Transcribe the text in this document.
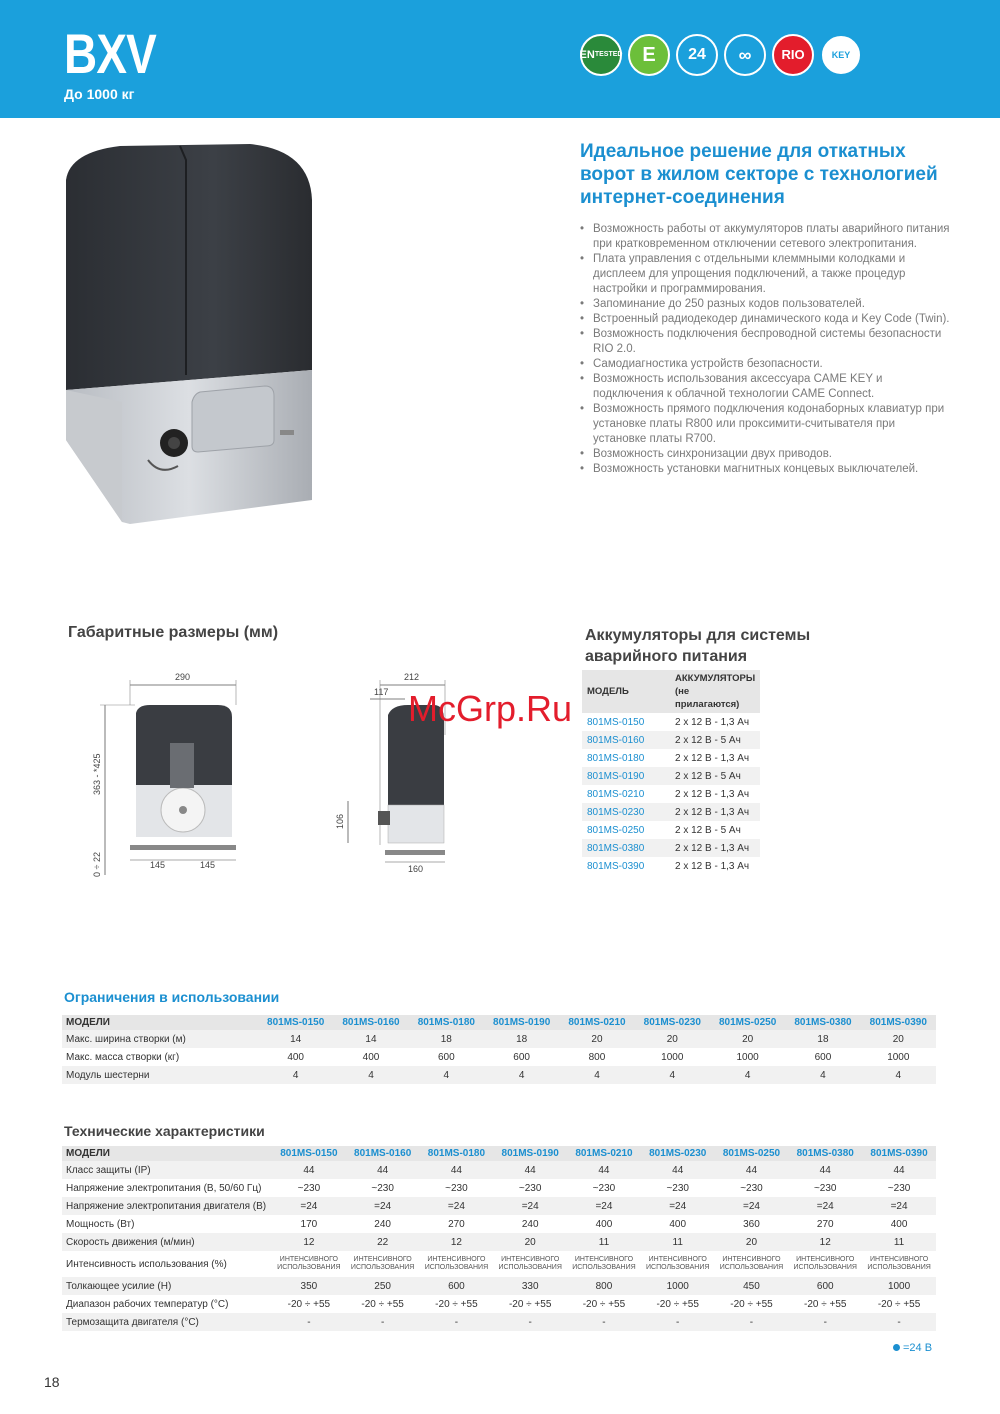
BXV
До 1000 кг
EN TESTED E 24 ∞ RIO	KEY
Идеальное решение для откатных ворот в жилом секторе с технологией интернет-соединения
• Возможность работы от аккумуляторов платы аварийного питания при кратковременном отключении сетевого электропитания.
• Плата управления с отдельными клеммными колодками и дисплеем для упрощения подключений, а также процедур настройки и программирования.
• Запоминание до 250 разных кодов пользователей.
• Встроенный радиодекодер динамического кода и Key Code (Twin).
• Возможность подключения беспроводной системы безопасности RIO 2.0.
• Самодиагностика устройств безопасности.
• Возможность использования аксессуара CAME KEY и подключения к облачной технологии CAME Connect.
• Возможность прямого подключения кодонаборных клавиатур при установке платы R800 или проксимити-считывателя при установке платы R700.
• Возможность синхронизации двух приводов.
• Возможность установки магнитных концевых выключателей.
Габаритные размеры (мм)
290
363 - *425
0 ÷ 22	145	145
212
117
106
160
Аккумуляторы для системы
аварийного питания
МОДЕЛЬ	АККУМУЛЯТОРЫ
(не прилагаются)

801MS-0150	2 x 12 В - 1,3 Ач
801MS-0160	2 x 12 В - 5 Ач
801MS-0180	2 x 12 В - 1,3 Ач
801MS-0190	2 x 12 В - 5 Ач
801MS-0210	2 x 12 В - 1,3 Ач
801MS-0230	2 x 12 В - 1,3 Ач
801MS-0250	2 x 12 В - 5 Ач
801MS-0380	2 x 12 В - 1,3 Ач
801MS-0390	2 x 12 В - 1,3 Ач
McGrp.Ru
Ограничения в использовании
МОДЕЛИ	801MS-0150	801MS-0160	801MS-0180	801MS-0190	801MS-0210	801MS-0230	801MS-0250	801MS-0380	801MS-0390
Макс. ширина створки (м)	14	14	18	18	20	20	20	18	20
Макс. масса створки (кг)	400	400	600	600	800	1000	1000	600	1000
Модуль шестерни	4	4	4	4	4	4	4	4	4
Технические характеристики
МОДЕЛИ	801MS-0150	801MS-0160	801MS-0180	801MS-0190	801MS-0210	801MS-0230	801MS-0250	801MS-0380	801MS-0390
Класс защиты (IP)	44	44	44	44	44	44	44	44	44
Напряжение электропитания (В, 50/60 Гц)	~230	~230	~230	~230	~230	~230	~230	~230	~230
Напряжение электропитания двигателя (В)	=24	=24	=24	=24	=24	=24	=24	=24	=24
Мощность (Вт)	170	240	270	240	400	400	360	270	400
Скорость движения (м/мин)	12	22	12	20	11	11	20	12	11
Интенсивность использования (%)	ИНТЕНСИВНОГО ИСПОЛЬЗОВАНИЯ	ИНТЕНСИВНОГО ИСПОЛЬЗОВАНИЯ	ИНТЕНСИВНОГО ИСПОЛЬЗОВАНИЯ	ИНТЕНСИВНОГО ИСПОЛЬЗОВАНИЯ	ИНТЕНСИВНОГО ИСПОЛЬЗОВАНИЯ	ИНТЕНСИВНОГО ИСПОЛЬЗОВАНИЯ	ИНТЕНСИВНОГО ИСПОЛЬЗОВАНИЯ	ИНТЕНСИВНОГО ИСПОЛЬЗОВАНИЯ	ИНТЕНСИВНОГО ИСПОЛЬЗОВАНИЯ
Толкающее усилие (Н)	350	250	600	330	800	1000	450	600	1000
Диапазон рабочих температур (°С)	-20 ÷ +55	-20 ÷ +55	-20 ÷ +55	-20 ÷ +55	-20 ÷ +55	-20 ÷ +55	-20 ÷ +55	-20 ÷ +55	-20 ÷ +55
Термозащита двигателя (°С)	-	-	-	-	-	-	-	-	-
=24 В
18
